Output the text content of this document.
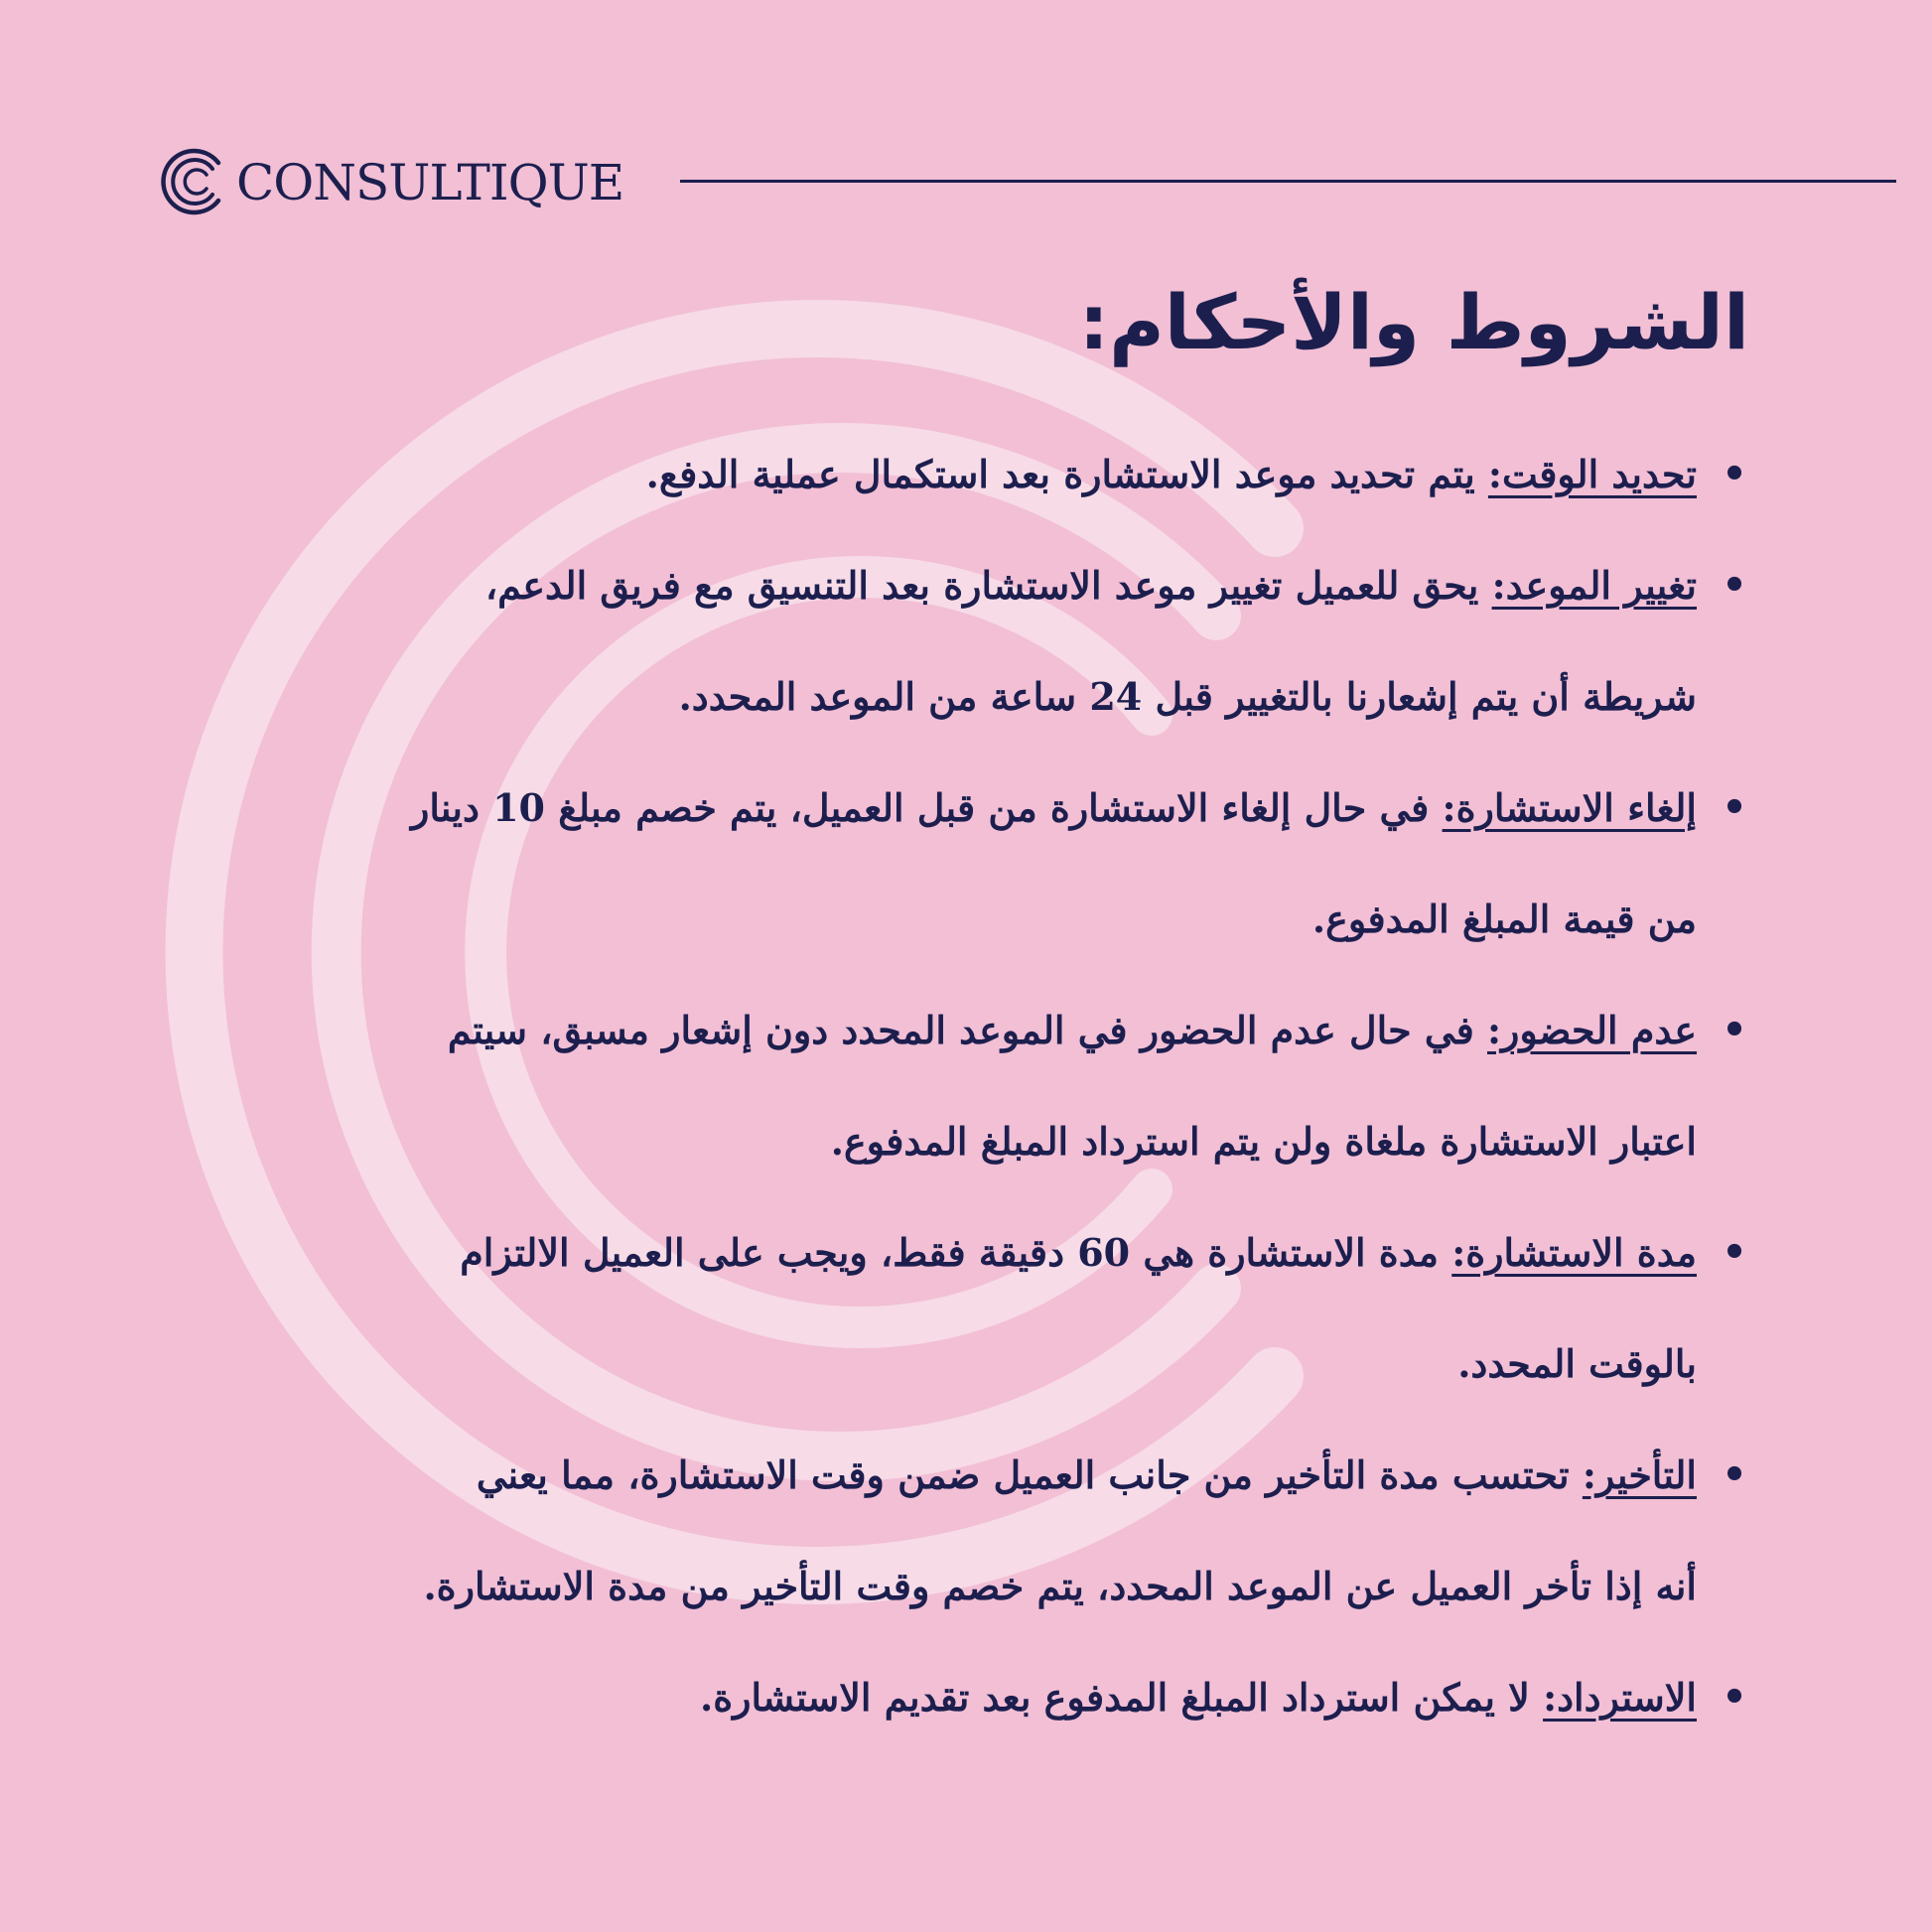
CONSULTIQUE
الشروط والأحكام:
•
تحديد الوقت: يتم تحديد موعد الاستشارة بعد استكمال عملية الدفع.
•
تغيير الموعد: يحق للعميل تغيير موعد الاستشارة بعد التنسيق مع فريق الدعم،
شريطة أن يتم إشعارنا بالتغيير قبل 24 ساعة من الموعد المحدد.
•
إلغاء الاستشارة: في حال إلغاء الاستشارة من قبل العميل، يتم خصم مبلغ 10 دينار
من قيمة المبلغ المدفوع.
•
عدم الحضور: في حال عدم الحضور في الموعد المحدد دون إشعار مسبق، سيتم
اعتبار الاستشارة ملغاة ولن يتم استرداد المبلغ المدفوع.
•
مدة الاستشارة: مدة الاستشارة هي 60 دقيقة فقط، ويجب على العميل الالتزام
بالوقت المحدد.
•
التأخير: تحتسب مدة التأخير من جانب العميل ضمن وقت الاستشارة، مما يعني
أنه إذا تأخر العميل عن الموعد المحدد، يتم خصم وقت التأخير من مدة الاستشارة.
•
الاسترداد: لا يمكن استرداد المبلغ المدفوع بعد تقديم الاستشارة.
